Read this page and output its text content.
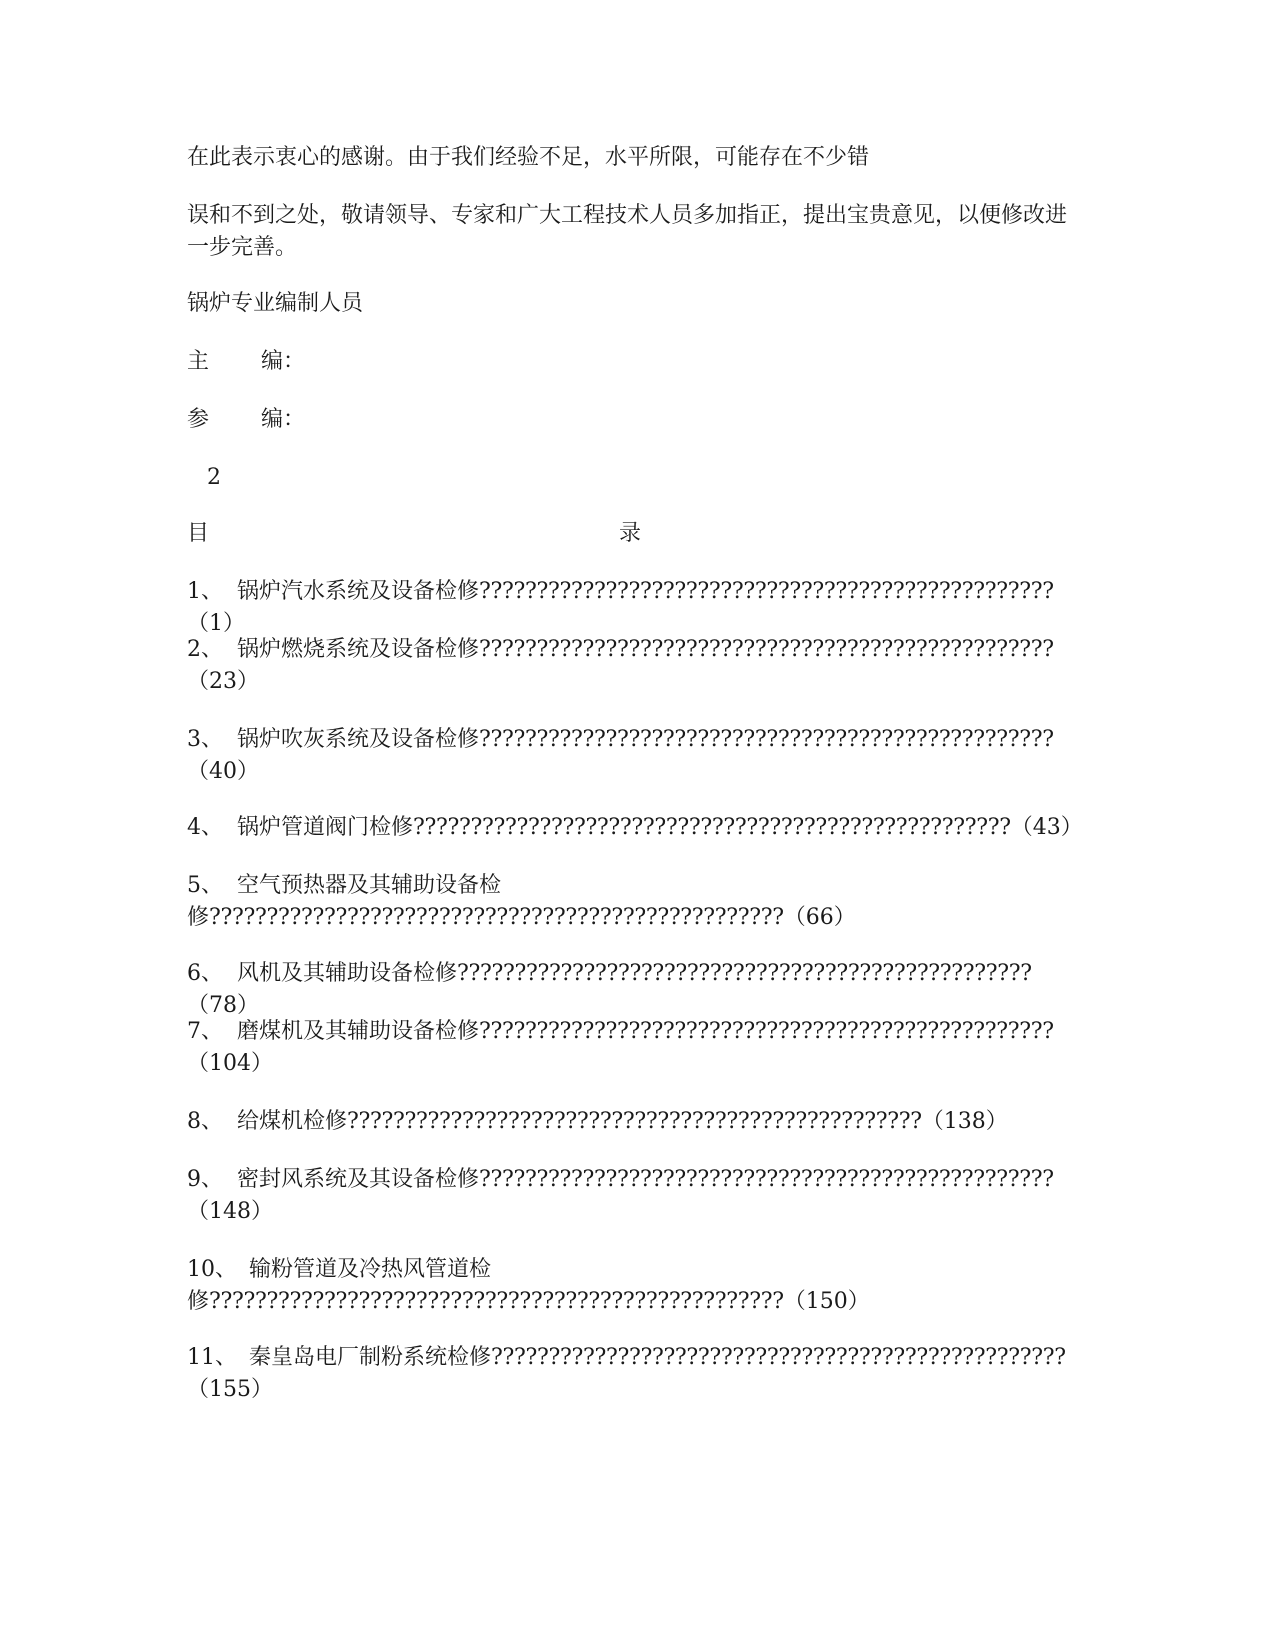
在此表示衷心的感谢。由于我们经验不足，水平所限，可能存在不少错
误和不到之处，敬请领导、专家和广大工程技术人员多加指正，提出宝贵意见，以便修改进一步完善。
锅炉专业编制人员
主 编：
参 编：
2
目	录
1、 锅炉汽水系统及设备检修??????????????????????????????????????????????????（1）
2、 锅炉燃烧系统及设备检修??????????????????????????????????????????????????（23）
3、 锅炉吹灰系统及设备检修??????????????????????????????????????????????????（40）
4、 锅炉管道阀门检修????????????????????????????????????????????????????（43）
5、 空气预热器及其辅助设备检修??????????????????????????????????????????????????（66）
6、 风机及其辅助设备检修??????????????????????????????????????????????????（78）
7、 磨煤机及其辅助设备检修??????????????????????????????????????????????????（104）
8、 给煤机检修??????????????????????????????????????????????????（138）
9、 密封风系统及其设备检修??????????????????????????????????????????????????（148）
10、 输粉管道及冷热风管道检修??????????????????????????????????????????????????（150）
11、 秦皇岛电厂制粉系统检修??????????????????????????????????????????????????（155）
